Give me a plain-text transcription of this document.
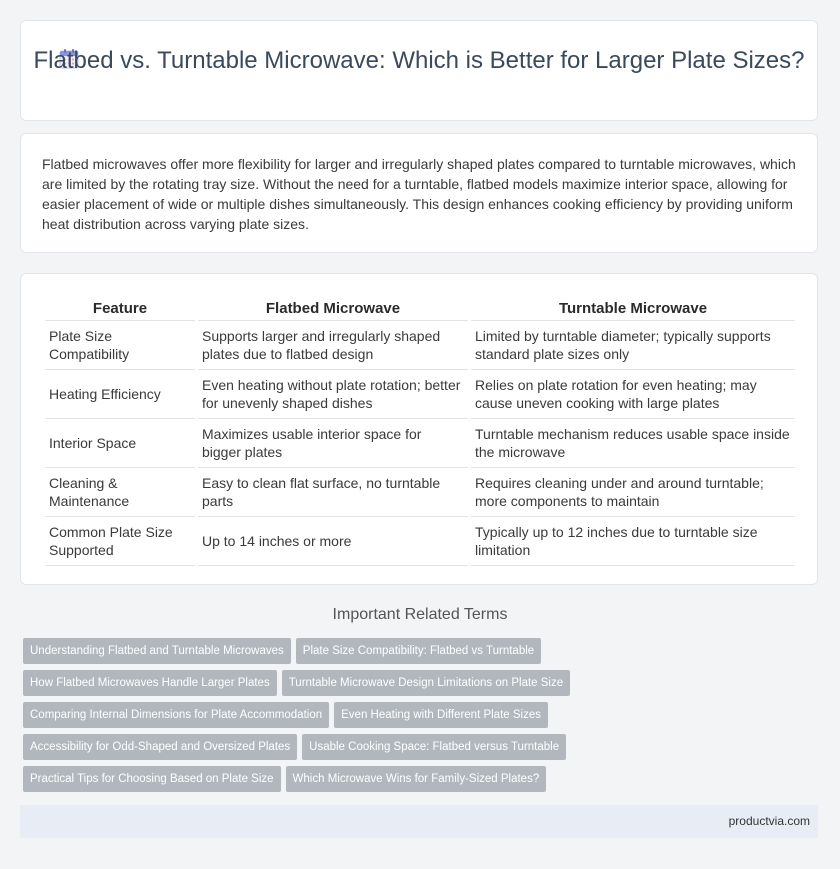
Flatbed vs. Turntable Microwave: Which is Better for Larger Plate Sizes?

Flatbed microwaves offer more flexibility for larger and irregularly shaped plates compared to turntable microwaves, which are limited by the rotating tray size. Without the need for a turntable, flatbed models maximize interior space, allowing for easier placement of wide or multiple dishes simultaneously. This design enhances cooking efficiency by providing uniform heat distribution across varying plate sizes.

Feature	Flatbed Microwave	Turntable Microwave
Plate Size Compatibility	Supports larger and irregularly shaped plates due to flatbed design	Limited by turntable diameter; typically supports standard plate sizes only
Heating Efficiency	Even heating without plate rotation; better for unevenly shaped dishes	Relies on plate rotation for even heating; may cause uneven cooking with large plates
Interior Space	Maximizes usable interior space for bigger plates	Turntable mechanism reduces usable space inside the microwave
Cleaning & Maintenance	Easy to clean flat surface, no turntable parts	Requires cleaning under and around turntable; more components to maintain
Common Plate Size Supported	Up to 14 inches or more	Typically up to 12 inches due to turntable size limitation
Important Related Terms
Understanding Flatbed and Turntable Microwaves Plate Size Compatibility: Flatbed vs Turntable
How Flatbed Microwaves Handle Larger Plates Turntable Microwave Design Limitations on Plate Size
Comparing Internal Dimensions for Plate Accommodation Even Heating with Different Plate Sizes
Accessibility for Odd-Shaped and Oversized Plates Usable Cooking Space: Flatbed versus Turntable
Practical Tips for Choosing Based on Plate Size Which Microwave Wins for Family-Sized Plates?
productvia.com
